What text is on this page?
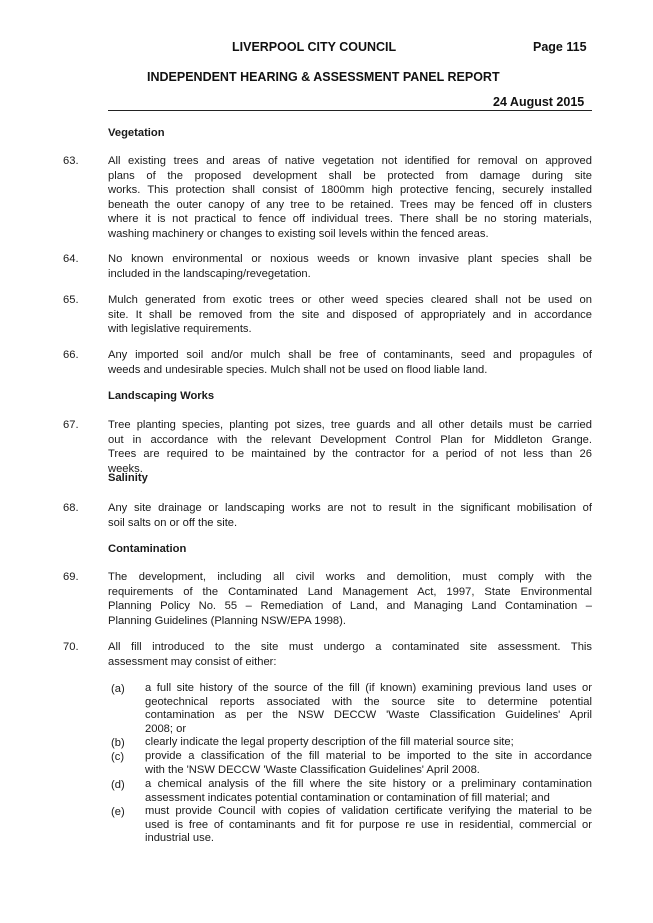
LIVERPOOL CITY COUNCIL	Page 115
INDEPENDENT HEARING & ASSESSMENT PANEL REPORT
24 August 2015
Vegetation
63.	All existing trees and areas of native vegetation not identified for removal on approved
plans of the proposed development shall be protected from damage during site
works. This protection shall consist of 1800mm high protective fencing, securely installed
beneath the outer canopy of any tree to be retained. Trees may be fenced off in clusters
where it is not practical to fence off individual trees. There shall be no storing materials,
washing machinery or changes to existing soil levels within the fenced areas.
64.	No known environmental or noxious weeds or known invasive plant species shall be
included in the landscaping/revegetation.
65.	Mulch generated from exotic trees or other weed species cleared shall not be used on
site. It shall be removed from the site and disposed of appropriately and in accordance
with legislative requirements.
66.	Any imported soil and/or mulch shall be free of contaminants, seed and propagules of
weeds and undesirable species. Mulch shall not be used on flood liable land.
Landscaping Works
67.	Tree planting species, planting pot sizes, tree guards and all other details must be carried
out in accordance with the relevant Development Control Plan for Middleton Grange.
Trees are required to be maintained by the contractor for a period of not less than 26
weeks.
Salinity
68.	Any site drainage or landscaping works are not to result in the significant mobilisation of
soil salts on or off the site.
Contamination
69.	The development, including all civil works and demolition, must comply with the
requirements of the Contaminated Land Management Act, 1997, State Environmental
Planning Policy No. 55 – Remediation of Land, and Managing Land Contamination –
Planning Guidelines (Planning NSW/EPA 1998).
70.	All fill introduced to the site must undergo a contaminated site assessment. This
assessment may consist of either:
(a) a full site history of the source of the fill (if known) examining previous land uses or
geotechnical reports associated with the source site to determine potential
contamination as per the NSW DECCW 'Waste Classification Guidelines' April
2008; or
(b) clearly indicate the legal property description of the fill material source site;
(c) provide a classification of the fill material to be imported to the site in accordance
with the 'NSW DECCW 'Waste Classification Guidelines' April 2008.
(d) a chemical analysis of the fill where the site history or a preliminary contamination
assessment indicates potential contamination or contamination of fill material; and
(e) must provide Council with copies of validation certificate verifying the material to be
used is free of contaminants and fit for purpose re use in residential, commercial or
industrial use.
